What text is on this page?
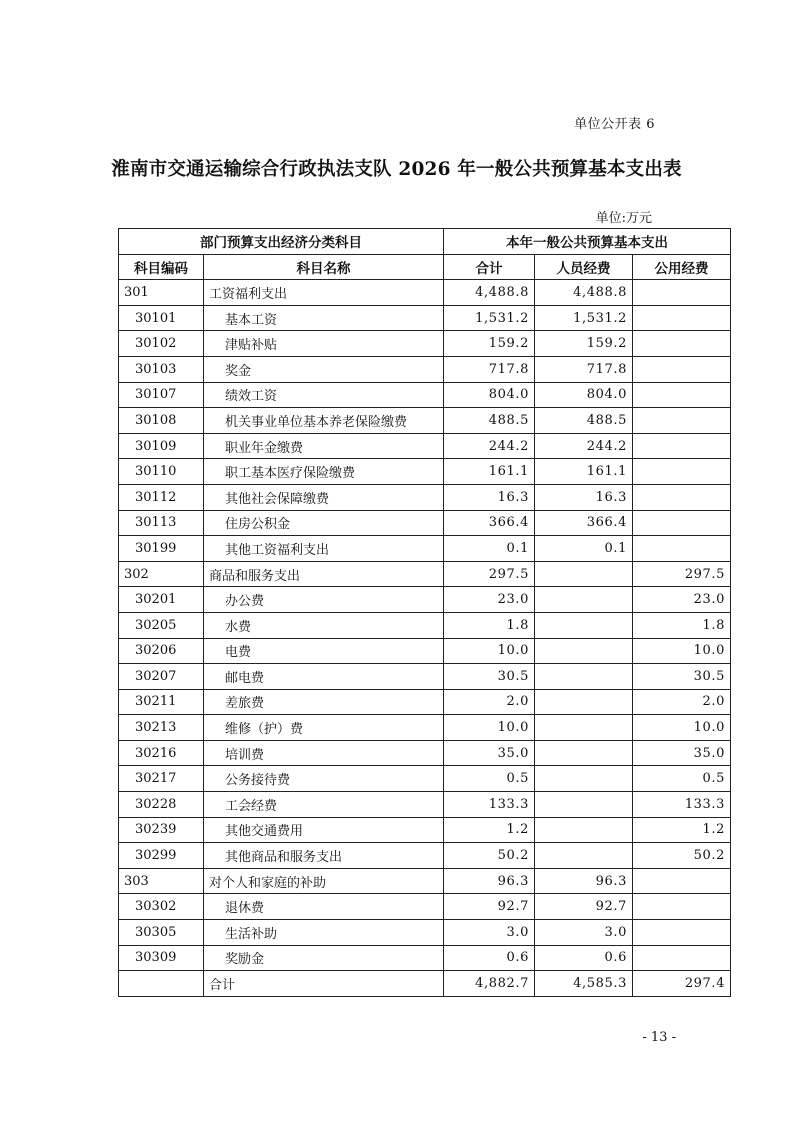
单位公开表 6
淮南市交通运输综合行政执法支队 2026 年一般公共预算基本支出表
单位:万元
部门预算支出经济分类科目		本年一般公共预算基本支出		
科目编码	科目名称	合计	人员经费	公用经费
301	工资福利支出	4,488.8	4,488.8	
30101	基本工资	1,531.2	1,531.2	
30102	津贴补贴	159.2	159.2	
30103	奖金	717.8	717.8	
30107	绩效工资	804.0	804.0	
30108	机关事业单位基本养老保险缴费	488.5	488.5	
30109	职业年金缴费	244.2	244.2	
30110	职工基本医疗保险缴费	161.1	161.1	
30112	其他社会保障缴费	16.3	16.3	
30113	住房公积金	366.4	366.4	
30199	其他工资福利支出	0.1	0.1	
302	商品和服务支出	297.5		297.5
30201	办公费	23.0		23.0
30205	水费	1.8		1.8
30206	电费	10.0		10.0
30207	邮电费	30.5		30.5
30211	差旅费	2.0		2.0
30213	维修（护）费	10.0		10.0
30216	培训费	35.0		35.0
30217	公务接待费	0.5		0.5
30228	工会经费	133.3		133.3
30239	其他交通费用	1.2		1.2
30299	其他商品和服务支出	50.2		50.2
303	对个人和家庭的补助	96.3	96.3	
30302	退休费	92.7	92.7	
30305	生活补助	3.0	3.0	
30309	奖励金	0.6	0.6	
	合计	4,882.7	4,585.3	297.4
- 13 -
